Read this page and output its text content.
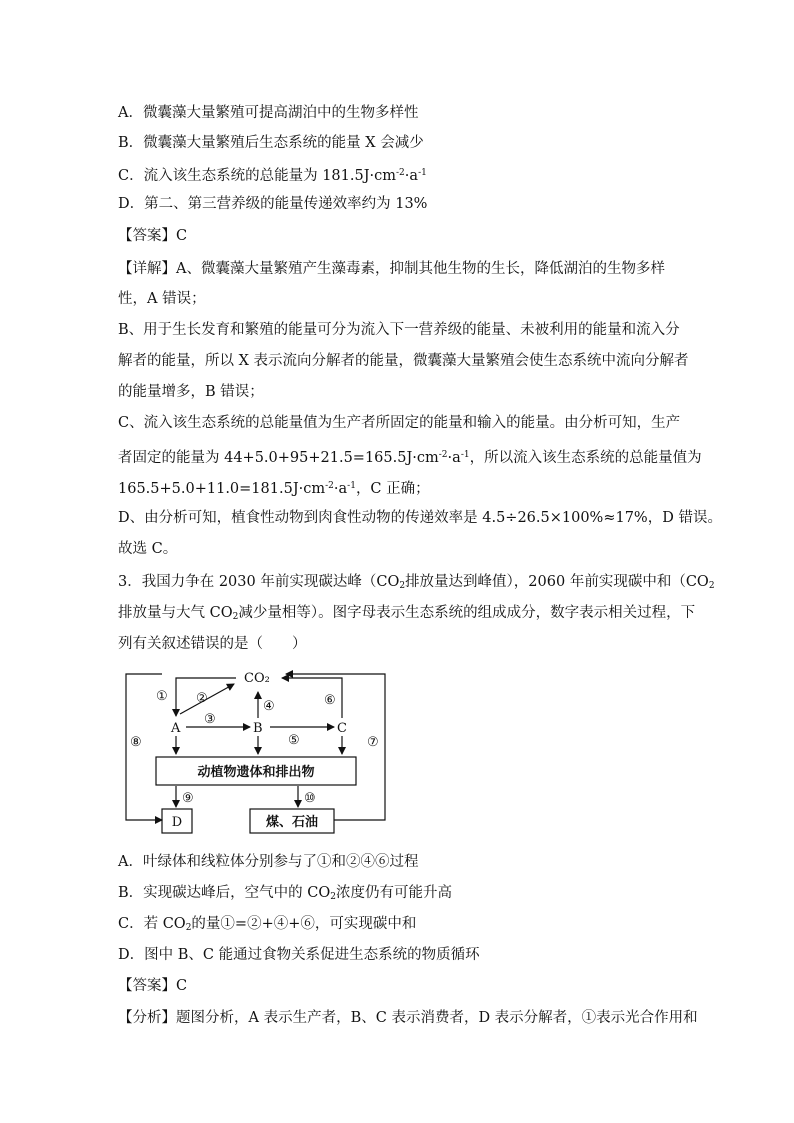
A．微囊藻大量繁殖可提高湖泊中的生物多样性
B．微囊藻大量繁殖后生态系统的能量 X 会减少
C．流入该生态系统的总能量为 $181.5J\cdot cm^{-2}\cdot a^{-1}$
D．第二、第三营养级的能量传递效率约为 13%
【答案】C
【详解】A、微囊藻大量繁殖产生藻毒素，抑制其他生物的生长，降低湖泊的生物多样
性，A 错误；
B、用于生长发育和繁殖的能量可分为流入下一营养级的能量、未被利用的能量和流入分
解者的能量，所以 X 表示流向分解者的能量，微囊藻大量繁殖会使生态系统中流向分解者
的能量增多，B 错误；
C、流入该生态系统的总能量值为生产者所固定的能量和输入的能量。由分析可知，生产
者固定的能量为 $44+5.0+95+21.5=165.5J\cdot cm^{-2}\cdot a^{-1}$，所以流入该生态系统的总能量值为
$165.5+5.0+11.0=181.5J\cdot cm^{-2}\cdot a^{-1}$，C 正确；
D、由分析可知，植食性动物到肉食性动物的传递效率是 4.5÷26.5×100%≈17%，D 错误。
故选 C。
3．我国力争在 2030 年前实现碳达峰（$CO_2$排放量达到峰值），2060 年前实现碳中和（$CO_2$
排放量与大气 $CO_2$减少量相等）。图字母表示生态系统的组成成分，数字表示相关过程，下
列有关叙述错误的是（　　）
CO₂
A	B	C
动植物遗体和排出物
D	煤、石油
① ②
③
④
⑤
⑥
⑦
⑧
⑨	⑩
A．叶绿体和线粒体分别参与了①和②④⑥过程
B．实现碳达峰后，空气中的 $CO_2$浓度仍有可能升高
C．若 $CO_2$的量①=②+④+⑥，可实现碳中和
D．图中 B、C 能通过食物关系促进生态系统的物质循环
【答案】C
【分析】题图分析，A 表示生产者，B、C 表示消费者，D 表示分解者，①表示光合作用和
